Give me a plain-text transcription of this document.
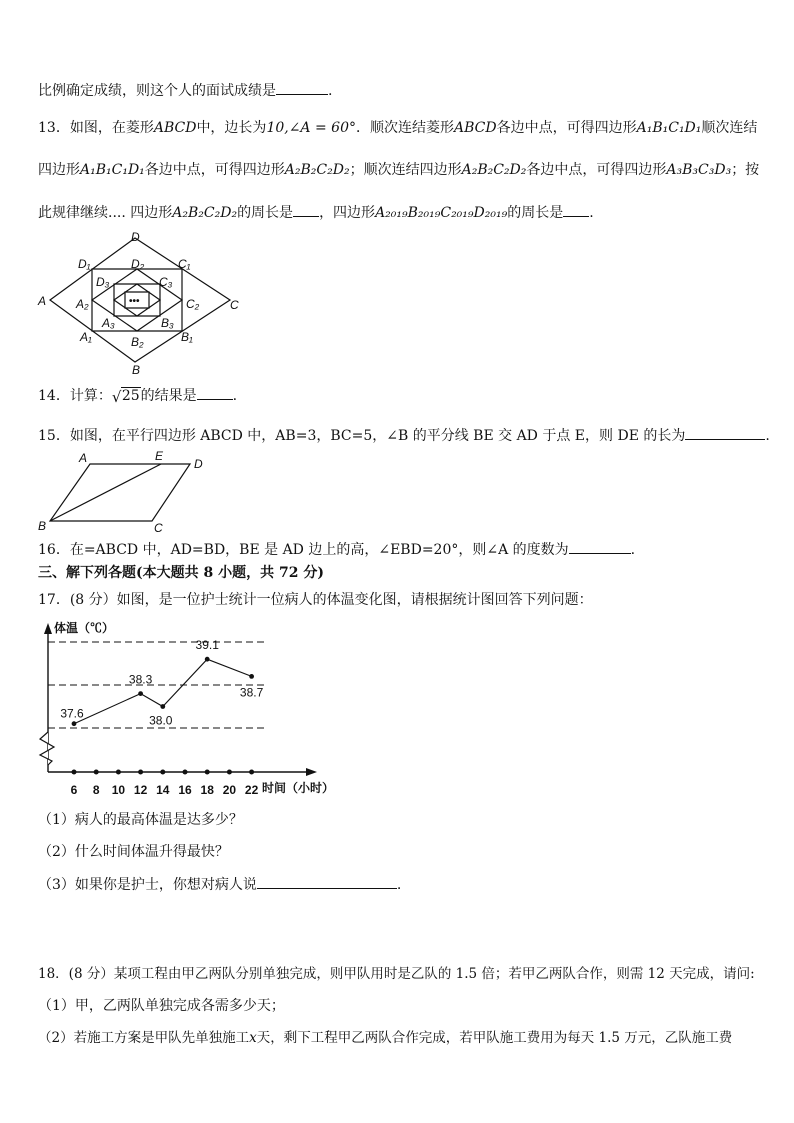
比例确定成绩，则这个人的面试成绩是	.
13．如图，在菱形ABCD中，边长为10,∠A = 60°．顺次连结菱形ABCD各边中点，可得四边形A₁B₁C₁D₁顺次连结
四边形A₁B₁C₁D₁各边中点，可得四边形A₂B₂C₂D₂；顺次连结四边形A₂B₂C₂D₂各边中点，可得四边形A₃B₃C₃D₃；按
此规律继续.... 四边形A₂B₂C₂D₂的周长是 ，四边形A₂₀₁₉B₂₀₁₉C₂₀₁₉D₂₀₁₉的周长是 .
A
D
C
B
D₁	C₁
A₁	B₁
D₂
C₂
B₂
A₂
D₃	C₃
A₃	B₃
•••
14．计算： √ 25的结果是	.
15．如图，在平行四边形 ABCD 中，AB=3，BC=5，∠B 的平分线 BE 交 AD 于点 E，则 DE 的长为	.
A	E
D
B	C
16．在=ABCD 中，AD=BD，BE 是 AD 边上的高，∠EBD=20°，则∠A 的度数为	.
三、解下列各题(本大题共 8 小题，共 72 分)
17．(8 分）如图，是一位护士统计一位病人的体温变化图，请根据统计图回答下列问题：
体温（℃）
时间（小时）
6 8 10 12 14 16 18 20 22
37.6
38.3
38.0
39.1
38.7
（1）病人的最高体温是达多少？
（2）什么时间体温升得最快？
（3）如果你是护士，你想对病人说	.
18．(8 分）某项工程由甲乙两队分别单独完成，则甲队用时是乙队的 1.5 倍；若甲乙两队合作，则需 12 天完成，请问:
（1）甲，乙两队单独完成各需多少天；
（2）若施工方案是甲队先单独施工x天，剩下工程甲乙两队合作完成，若甲队施工费用为每天 1.5 万元，乙队施工费
